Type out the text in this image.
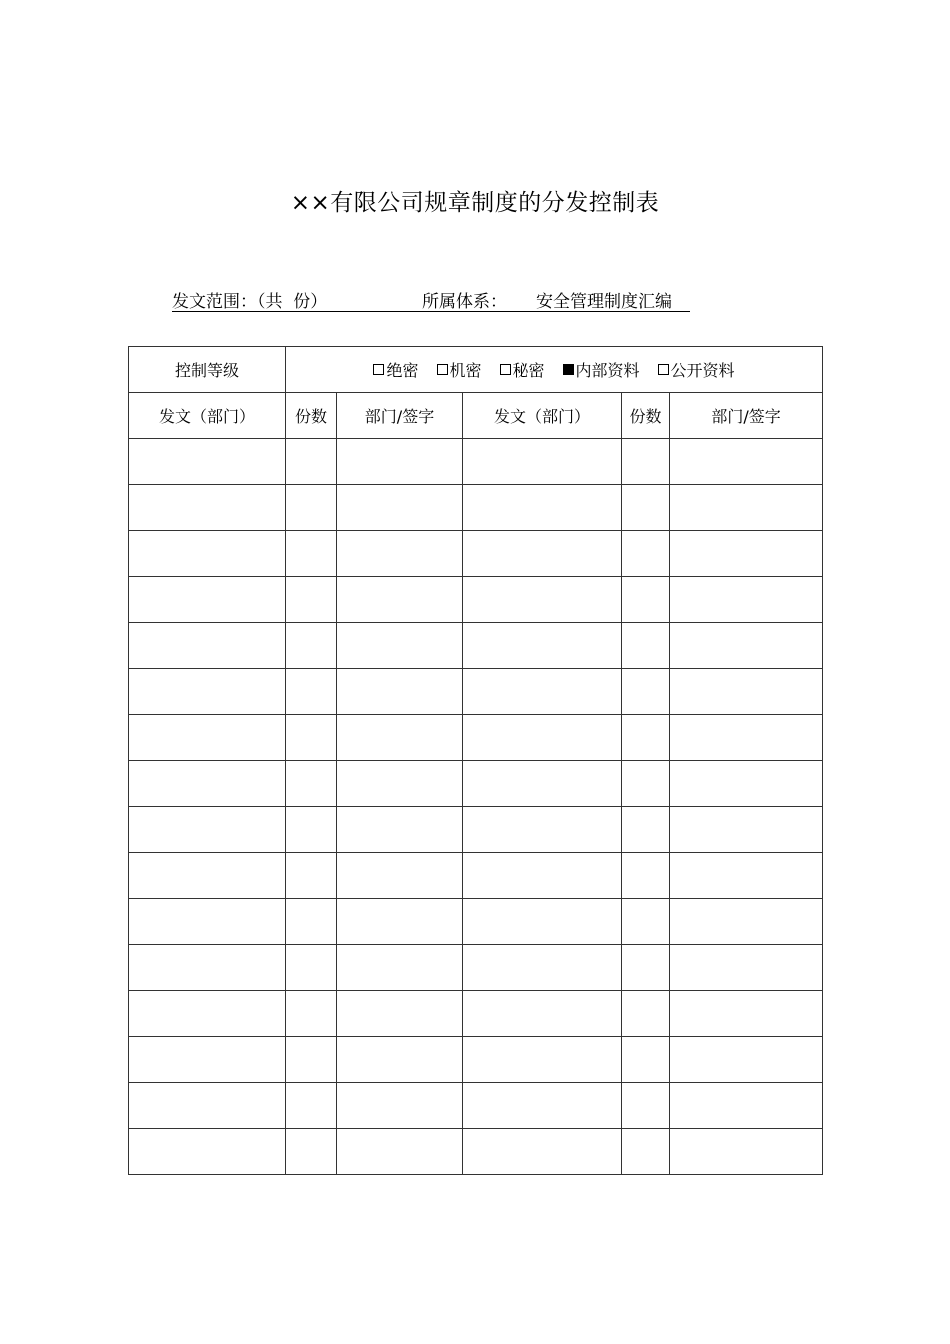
××有限公司规章制度的分发控制表
发文范围：（共  份）	所属体系： 安全管理制度汇编
控制等级	绝密 机密 秘密 内部资料 公开资料				

发文（部门）	份数	部门/签字	发文（部门）	份数	部门/签字
